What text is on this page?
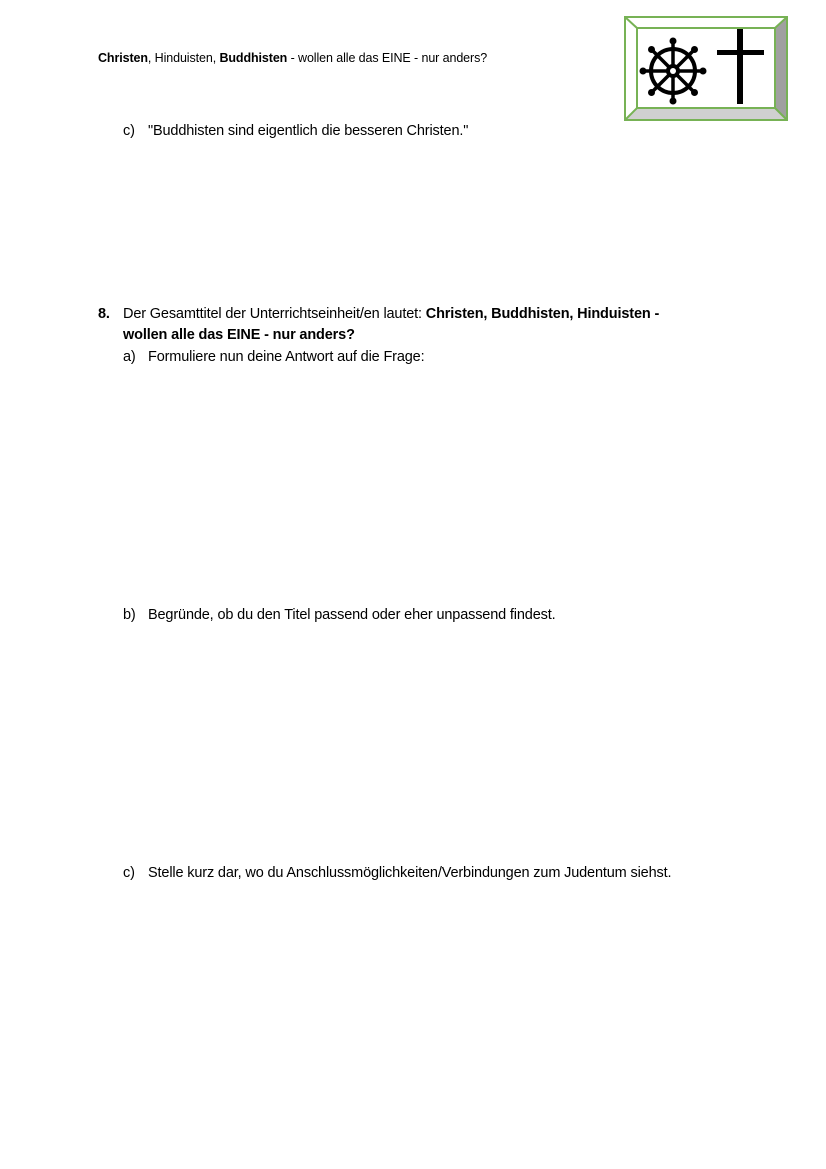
Christen, Hinduisten, Buddhisten - wollen alle das EINE - nur anders?
c) "Buddhisten sind eigentlich die besseren Christen."
8. Der Gesamttitel der Unterrichtseinheit/en lautet: Christen, Buddhisten, Hinduisten -
wollen alle das EINE - nur anders?
a) Formuliere nun deine Antwort auf die Frage:
b) Begründe, ob du den Titel passend oder eher unpassend findest.
c) Stelle kurz dar, wo du Anschlussmöglichkeiten/Verbindungen zum Judentum siehst.
